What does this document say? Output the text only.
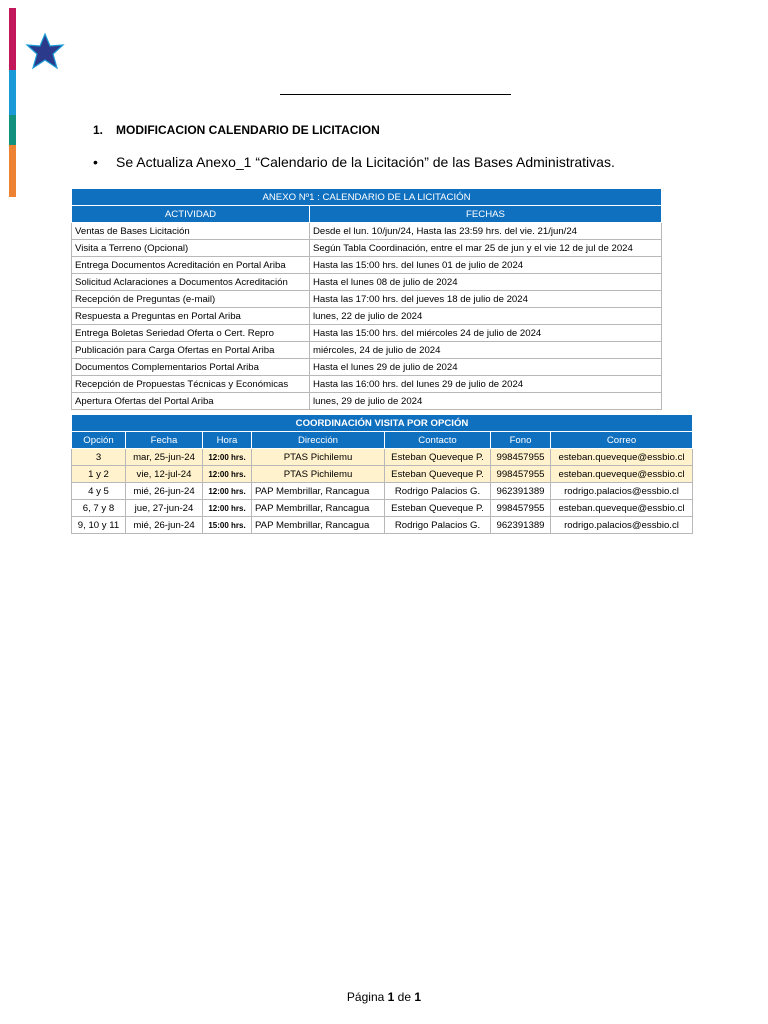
1. MODIFICACION CALENDARIO DE LICITACION
• Se Actualiza Anexo_1 “Calendario de la Licitación” de las Bases Administrativas.
ANEXO Nº1 : CALENDARIO DE LA LICITACIÓN	
ACTIVIDAD	FECHAS
Ventas de Bases Licitación	Desde el lun. 10/jun/24, Hasta las 23:59 hrs. del vie. 21/jun/24
Visita a Terreno (Opcional)	Según Tabla Coordinación, entre el mar 25 de jun y el vie 12 de jul de 2024
Entrega Documentos Acreditación en Portal Ariba	Hasta las 15:00 hrs. del lunes 01 de julio de 2024
Solicitud Aclaraciones a Documentos Acreditación	Hasta el lunes 08 de julio de 2024
Recepción de Preguntas (e-mail)	Hasta las 17:00 hrs. del jueves 18 de julio de 2024
Respuesta a Preguntas en Portal Ariba	lunes, 22 de julio de 2024
Entrega Boletas Seriedad Oferta o Cert. Repro	Hasta las 15:00 hrs. del miércoles 24 de julio de 2024
Publicación para Carga Ofertas en Portal Ariba	miércoles, 24 de julio de 2024
Documentos Complementarios Portal Ariba	Hasta el lunes 29 de julio de 2024
Recepción de Propuestas Técnicas y Económicas	Hasta las 16:00 hrs. del lunes 29 de julio de 2024
Apertura Ofertas del Portal Ariba	lunes, 29 de julio de 2024
COORDINACIÓN VISITA POR OPCIÓN						
Opción	Fecha	Hora	Dirección	Contacto	Fono	Correo
3	mar, 25-jun-24	12:00 hrs.	PTAS Pichilemu	Esteban Queveque P.	998457955	esteban.queveque@essbio.cl
1 y 2	vie, 12-jul-24	12:00 hrs.	PTAS Pichilemu	Esteban Queveque P.	998457955	esteban.queveque@essbio.cl
4 y 5	mié, 26-jun-24	12:00 hrs.	PAP Membrillar, Rancagua	Rodrigo Palacios G.	962391389	rodrigo.palacios@essbio.cl
6, 7 y 8	jue, 27-jun-24	12:00 hrs.	PAP Membrillar, Rancagua	Esteban Queveque P.	998457955	esteban.queveque@essbio.cl
9, 10 y 11	mié, 26-jun-24	15:00 hrs.	PAP Membrillar, Rancagua	Rodrigo Palacios G.	962391389	rodrigo.palacios@essbio.cl
Página 1 de 1
